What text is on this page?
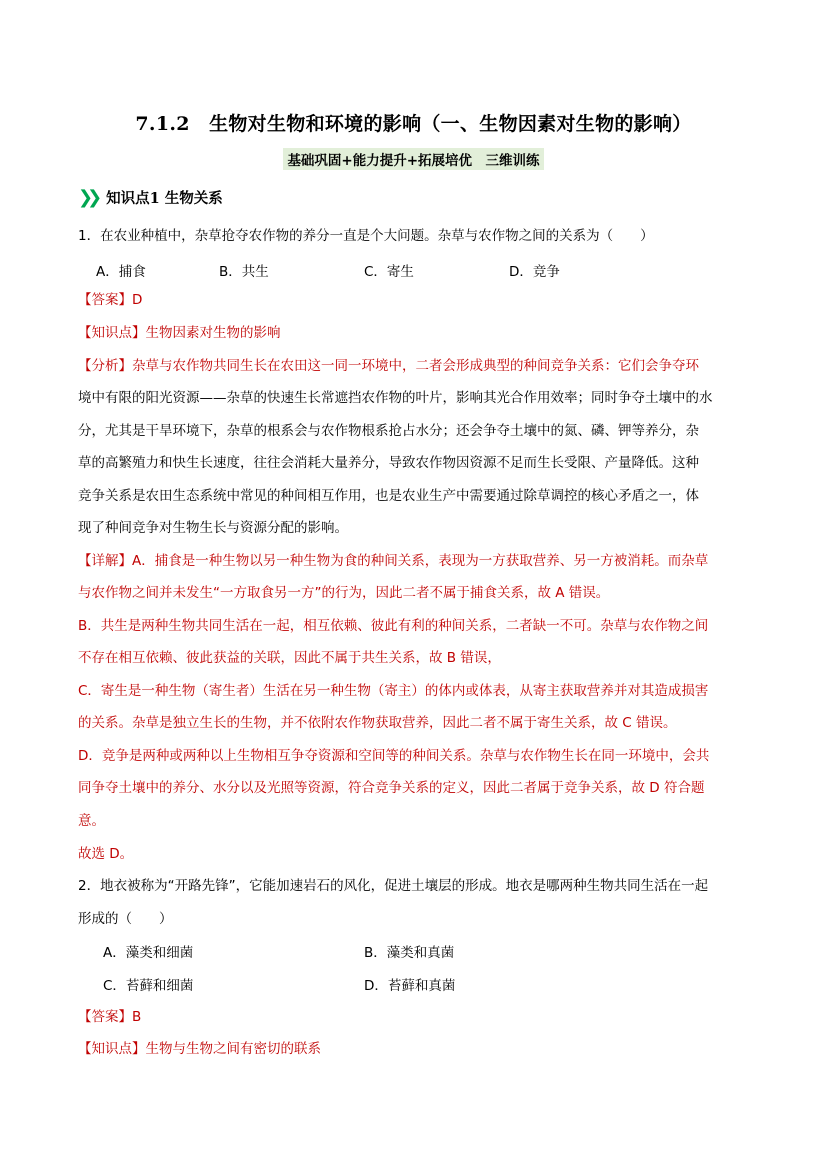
7.1.2　生物对生物和环境的影响（一、生物因素对生物的影响）
基础巩固+能力提升+拓展培优　三维训练
❯❯ 知识点1 生物关系
1．在农业种植中，杂草抢夺农作物的养分一直是个大问题。杂草与农作物之间的关系为（　　）
A．捕食	B．共生	C．寄生	D．竞争
【答案】D
【知识点】生物因素对生物的影响
【分析】杂草与农作物共同生长在农田这一同一环境中，二者会形成典型的种间竞争关系：它们会争夺环
境中有限的阳光资源——杂草的快速生长常遮挡农作物的叶片，影响其光合作用效率；同时争夺土壤中的水
分，尤其是干旱环境下，杂草的根系会与农作物根系抢占水分；还会争夺土壤中的氮、磷、钾等养分，杂
草的高繁殖力和快生长速度，往往会消耗大量养分，导致农作物因资源不足而生长受限、产量降低。这种
竞争关系是农田生态系统中常见的种间相互作用，也是农业生产中需要通过除草调控的核心矛盾之一，体
现了种间竞争对生物生长与资源分配的影响。
【详解】A．捕食是一种生物以另一种生物为食的种间关系，表现为一方获取营养、另一方被消耗。而杂草
与农作物之间并未发生“一方取食另一方”的行为，因此二者不属于捕食关系，故 A 错误。
B．共生是两种生物共同生活在一起，相互依赖、彼此有利的种间关系，二者缺一不可。杂草与农作物之间
不存在相互依赖、彼此获益的关联，因此不属于共生关系，故 B 错误，
C．寄生是一种生物（寄生者）生活在另一种生物（寄主）的体内或体表，从寄主获取营养并对其造成损害
的关系。杂草是独立生长的生物，并不依附农作物获取营养，因此二者不属于寄生关系，故 C 错误。
D．竞争是两种或两种以上生物相互争夺资源和空间等的种间关系。杂草与农作物生长在同一环境中，会共
同争夺土壤中的养分、水分以及光照等资源，符合竞争关系的定义，因此二者属于竞争关系，故 D 符合题
意。
故选 D。
2．地衣被称为“开路先锋”，它能加速岩石的风化，促进土壤层的形成。地衣是哪两种生物共同生活在一起
形成的（　　）
A．藻类和细菌	B．藻类和真菌
C．苔藓和细菌	D．苔藓和真菌
【答案】B
【知识点】生物与生物之间有密切的联系
